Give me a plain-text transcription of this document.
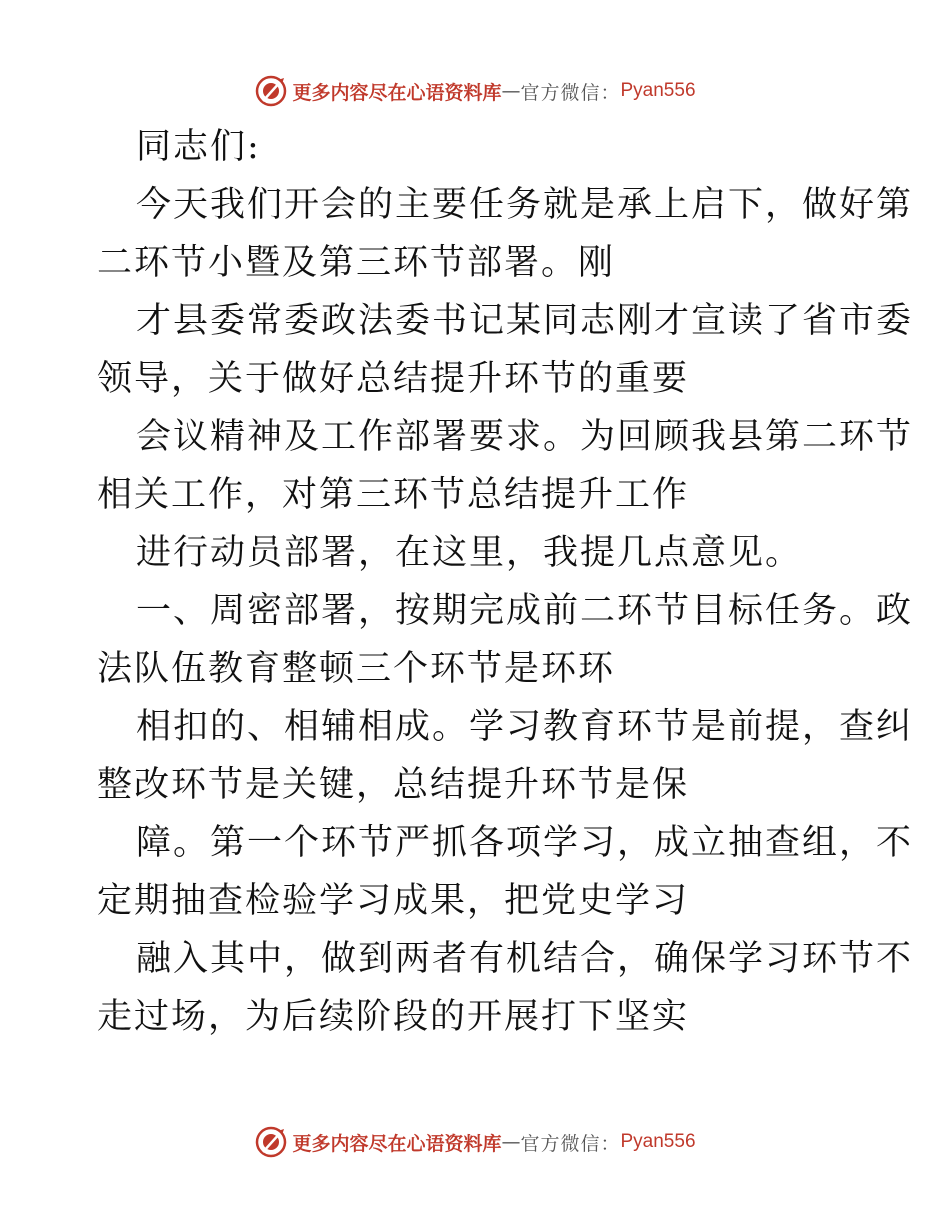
更多内容尽在心语资料库 — 官方微信： Pyan556
同志们:
今天我们开会的主要任务就是承上启下，做好第
二环节小暨及第三环节部署。刚
才县委常委政法委书记某同志刚才宣读了省市委
领导，关于做好总结提升环节的重要
会议精神及工作部署要求。为回顾我县第二环节
相关工作，对第三环节总结提升工作
进行动员部署，在这里，我提几点意见。
一、周密部署，按期完成前二环节目标任务。政
法队伍教育整顿三个环节是环环
相扣的、相辅相成。学习教育环节是前提，查纠
整改环节是关键，总结提升环节是保
障。第一个环节严抓各项学习，成立抽查组，不
定期抽查检验学习成果，把党史学习
融入其中，做到两者有机结合，确保学习环节不
走过场，为后续阶段的开展打下坚实
更多内容尽在心语资料库 — 官方微信： Pyan556
